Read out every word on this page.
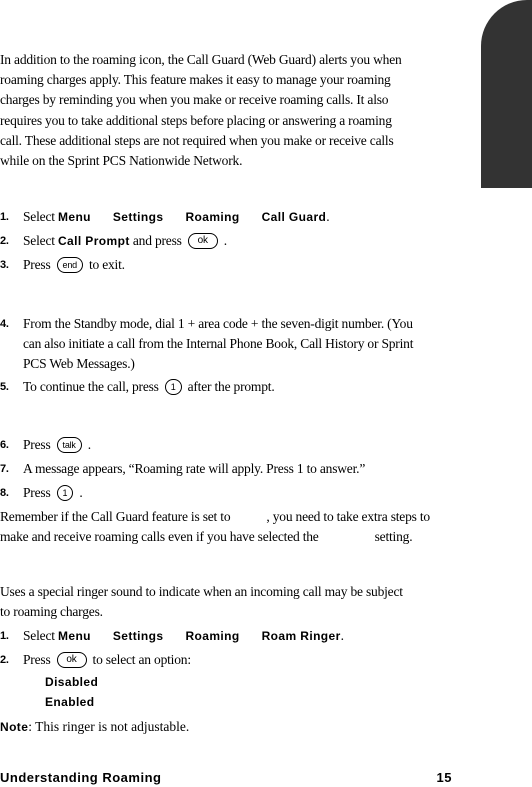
In addition to the roaming icon, the Call Guard (Web Guard) alerts you when
roaming charges apply. This feature makes it easy to manage your roaming
charges by reminding you when you make or receive roaming calls. It also
requires you to take additional steps before placing or answering a roaming
call. These additional steps are not required when you make or receive calls
while on the Sprint PCS Nationwide Network.
1. Select Menu Settings Roaming Call Guard.
2. Select Call Prompt and press ok .
3. Press end to exit.
4. From the Standby mode, dial 1 + area code + the seven-digit number. (You
can also initiate a call from the Internal Phone Book, Call History or Sprint
PCS Web Messages.)
5. To continue the call, press 1 after the prompt.
6. Press talk .
7. A message appears, “Roaming rate will apply. Press 1 to answer.”
8. Press 1 .
Remember if the Call Guard feature is set to	, you need to take extra steps to
make and receive roaming calls even if you have selected the	setting.
Uses a special ringer sound to indicate when an incoming call may be subject
to roaming charges.
1. Select Menu Settings Roaming Roam Ringer.
2. Press ok to select an option:
Disabled
Enabled
Note: This ringer is not adjustable.
Understanding Roaming	15
